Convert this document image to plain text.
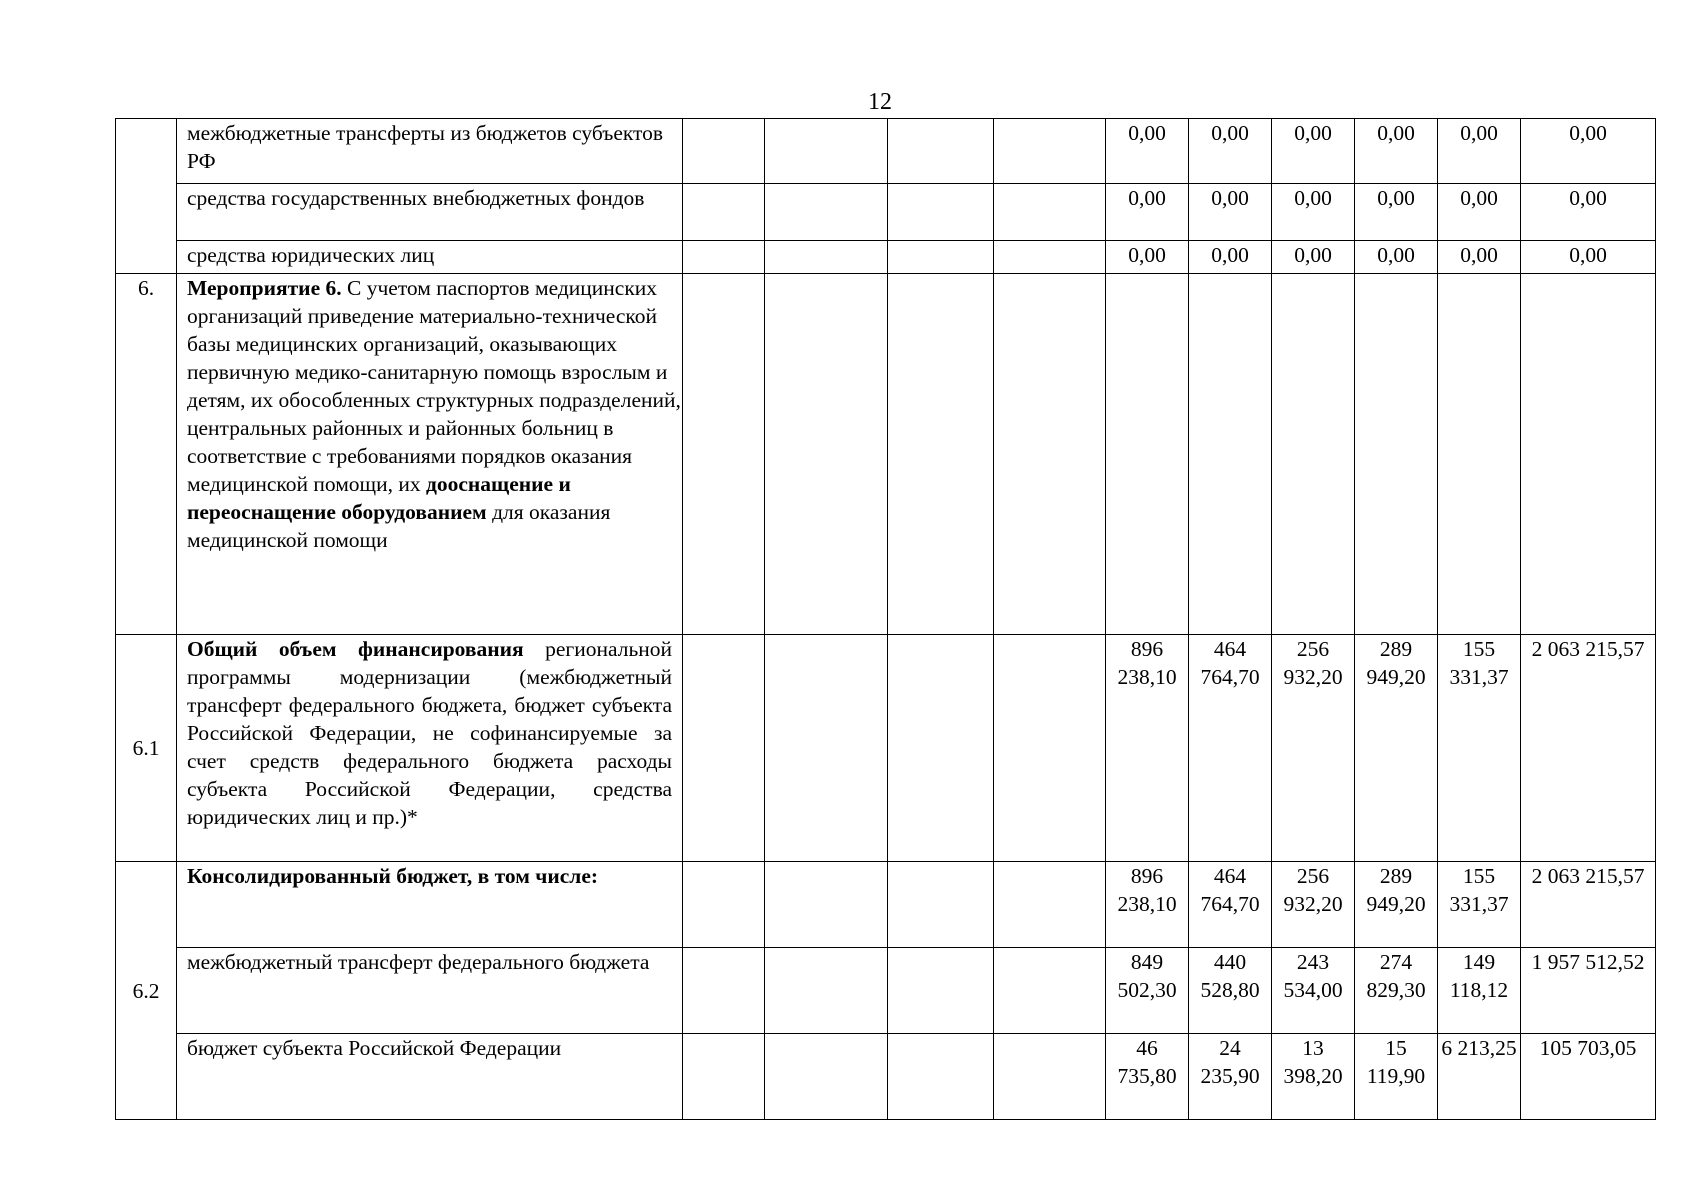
12
	межбюджетные трансферты из бюджетов субъектов РФ					0,00	0,00	0,00	0,00	0,00	0,00
	средства государственных внебюджетных фондов					0,00	0,00	0,00	0,00	0,00	0,00
	средства юридических лиц					0,00	0,00	0,00	0,00	0,00	0,00
6.	Мероприятие 6. С учетом паспортов медицинских организаций приведение материально-технической базы медицинских организаций, оказывающих первичную медико-санитарную помощь взрослым и детям, их обособленных структурных подразделений, центральных районных и районных больниц в соответствие с требованиями порядков оказания медицинской помощи, их дооснащение и переоснащение оборудованием для оказания медицинской помощи										
6.1	Общий объем финансирования региональной программы модернизации (межбюджетный трансферт федерального бюджета, бюджет субъекта Российской Федерации, не софинансируемые за счет средств федерального бюджета расходы субъекта Российской Федерации, средства юридических лиц и пр.)*					896 238,10	464 764,70	256 932,20	289 949,20	155 331,37	2 063 215,57
6.2	Консолидированный бюджет, в том числе:					896 238,10	464 764,70	256 932,20	289 949,20	155 331,37	2 063 215,57
	межбюджетный трансферт федерального бюджета					849 502,30	440 528,80	243 534,00	274 829,30	149 118,12	1 957 512,52
	бюджет субъекта Российской Федерации					46 735,80	24 235,90	13 398,20	15 119,90	6 213,25	105 703,05
